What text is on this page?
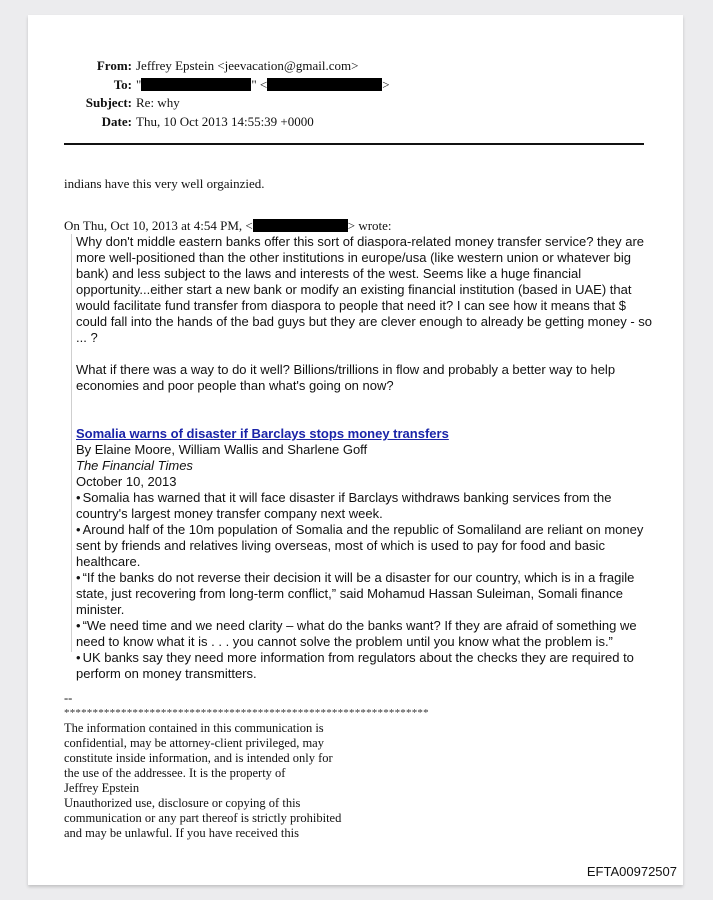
From: Jeffrey Epstein <jeevacation@gmail.com>
To: "	" <	>
Subject: Re: why
Date: Thu, 10 Oct 2013 14:55:39 +0000
indians have this very well orgainzied.
On Thu, Oct 10, 2013 at 4:54 PM, <	> wrote:

Why don't middle eastern banks offer this sort of diaspora-related money transfer service? they are more well-positioned than the other institutions in europe/usa (like western union or whatever big bank) and less subject to the laws and interests of the west. Seems like a huge financial opportunity...either start a new bank or modify an existing financial institution (based in UAE) that would facilitate fund transfer from diaspora to people that need it? I can see how it means that $ could fall into the hands of the bad guys but they are clever enough to already be getting money - so ... ?

What if there was a way to do it well? Billions/trillions in flow and probably a better way to help economies and poor people than what's going on now?

Somalia warns of disaster if Barclays stops money transfers

By Elaine Moore, William Wallis and Sharlene Goff

The Financial Times

October 10, 2013

• Somalia has warned that it will face disaster if Barclays withdraws banking services from the country's largest money transfer company next week.

• Around half of the 10m population of Somalia and the republic of Somaliland are reliant on money sent by friends and relatives living overseas, most of which is used to pay for food and basic healthcare.

• “If the banks do not reverse their decision it will be a disaster for our country, which is in a fragile state, just recovering from long-term conflict,” said Mohamud Hassan Suleiman, Somali finance minister.

• “We need time and we need clarity – what do the banks want? If they are afraid of something we need to know what it is . . . you cannot solve the problem until you know what the problem is.”

• UK banks say they need more information from regulators about the checks they are required to perform on money transmitters.

--
****************************************************************
The information contained in this communication is
confidential, may be attorney-client privileged, may
constitute inside information, and is intended only for
the use of the addressee. It is the property of
Jeffrey Epstein
Unauthorized use, disclosure or copying of this
communication or any part thereof is strictly prohibited
and may be unlawful. If you have received this
EFTA00972507
